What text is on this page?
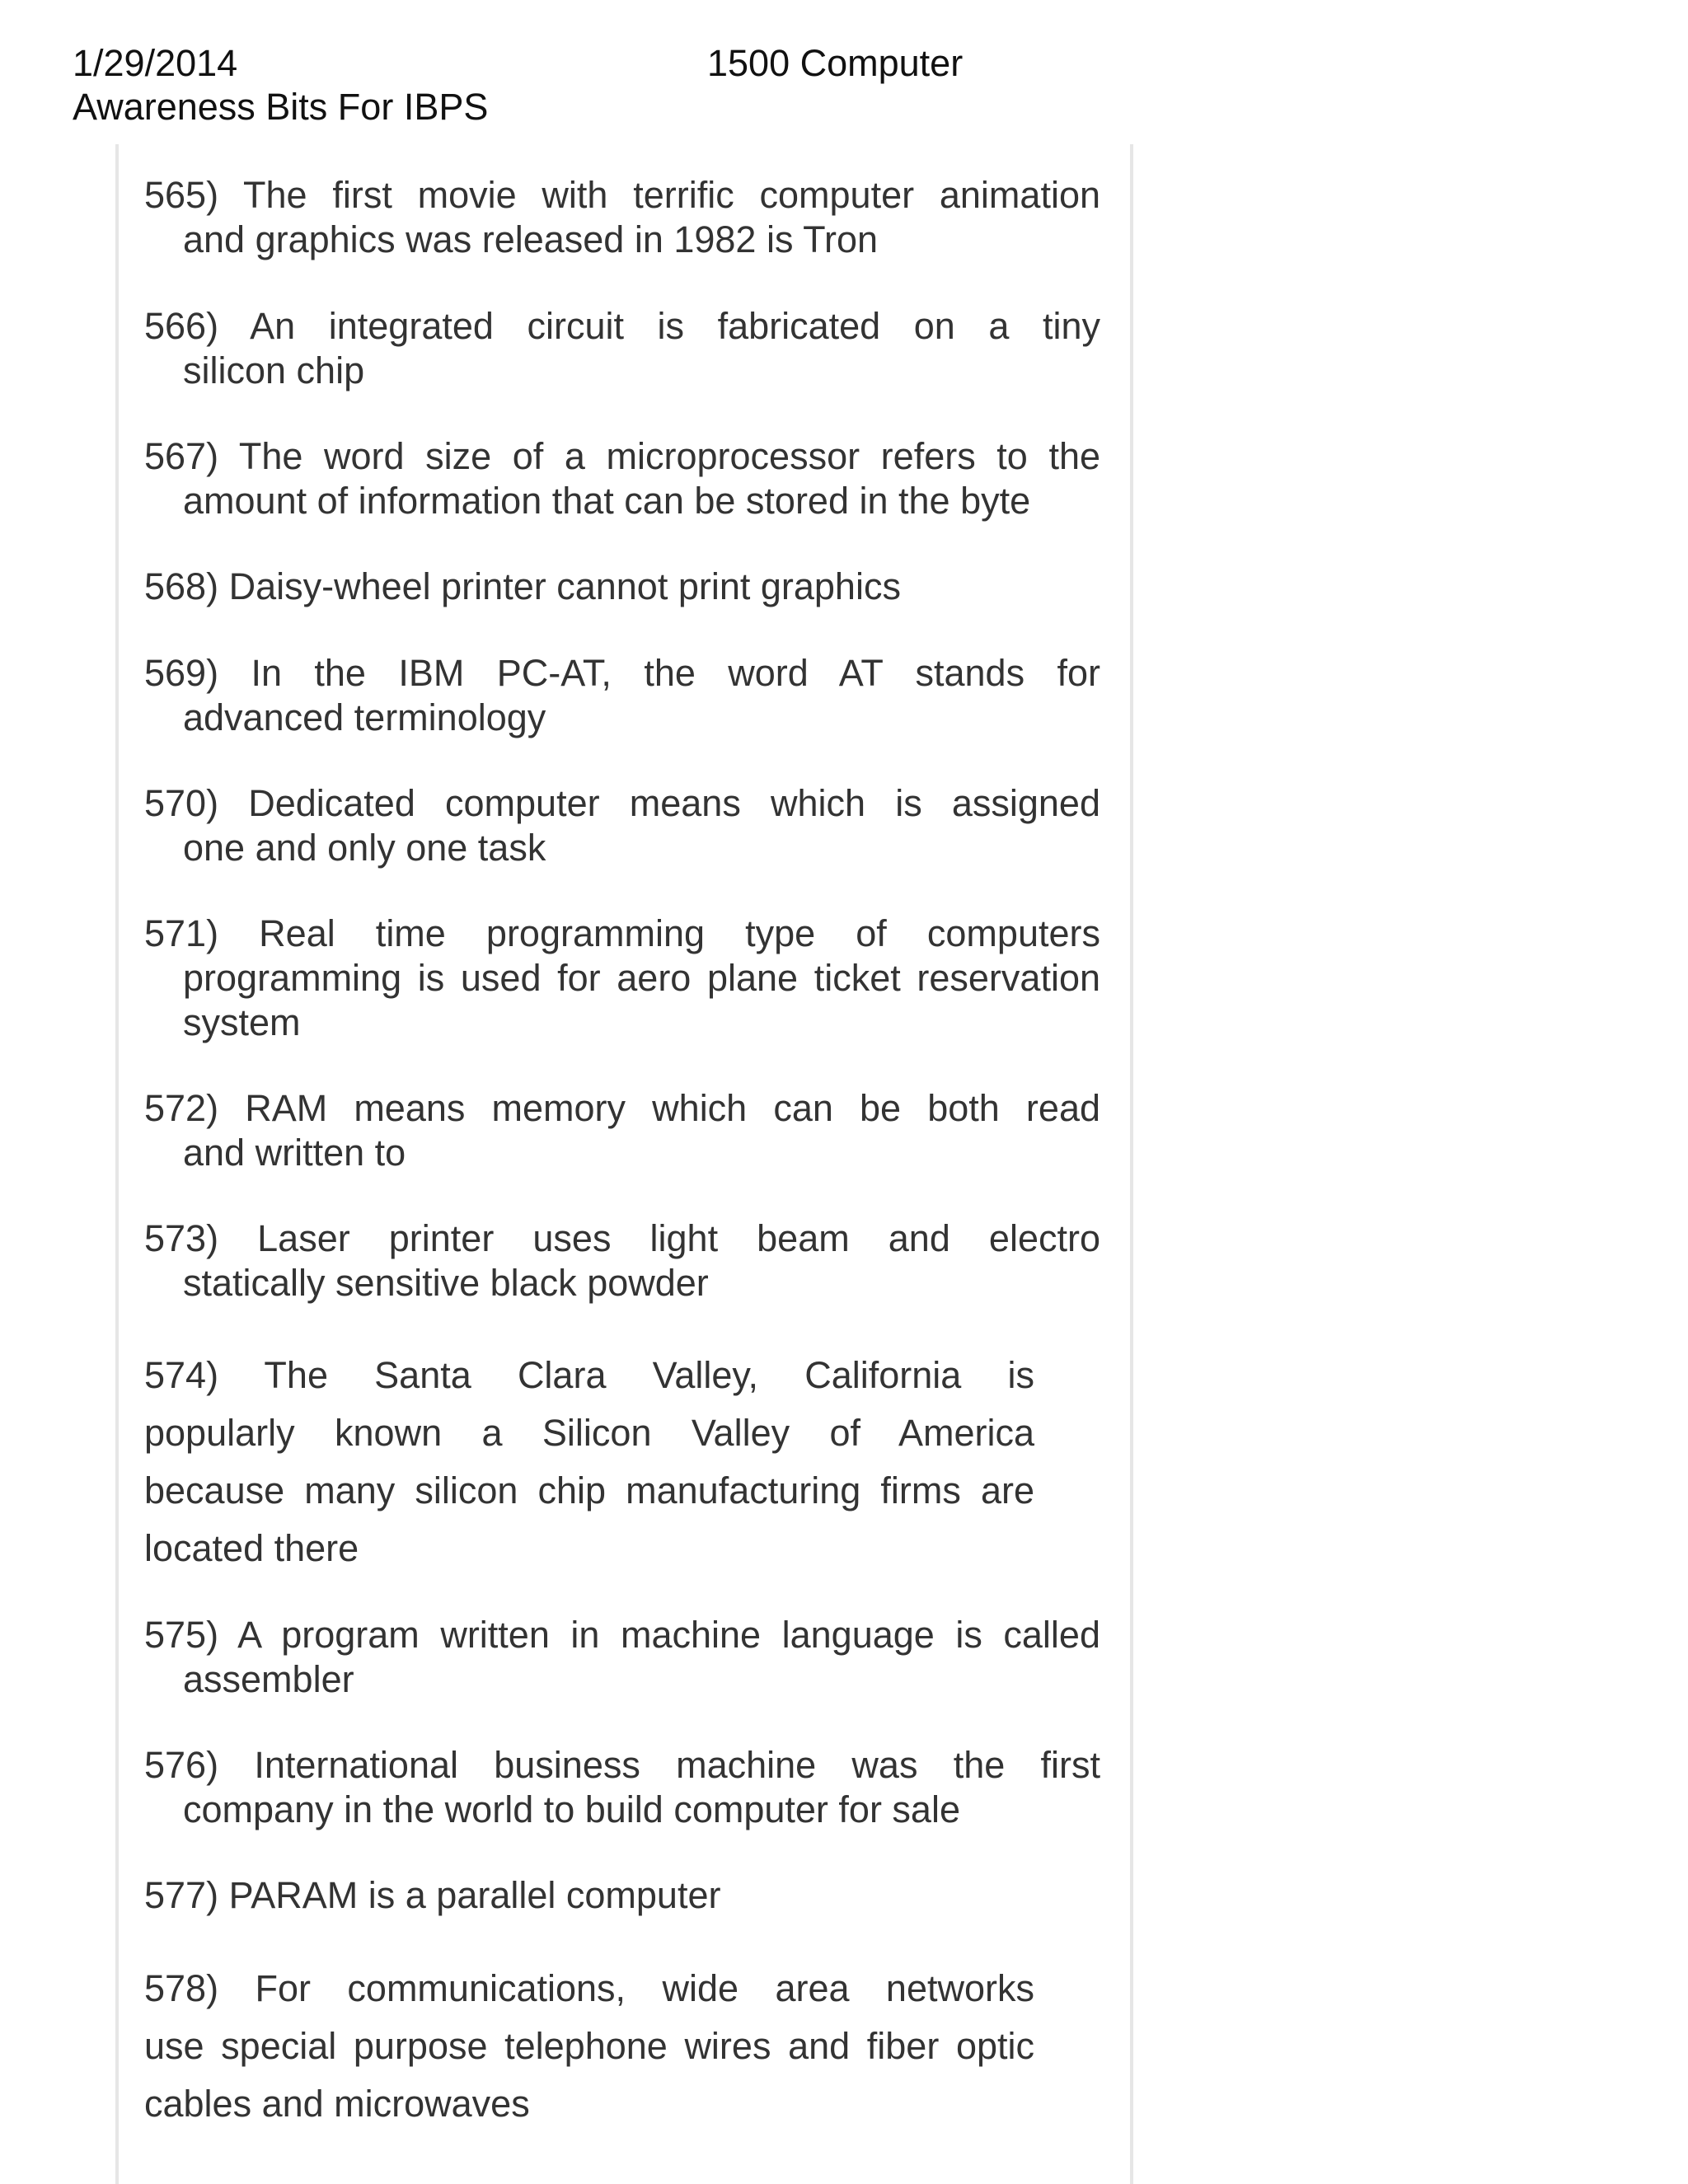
1/29/2014	1500 Computer
Awareness Bits For IBPS
565) The first movie with terrific computer animation
and graphics was released in 1982 is Tron
566) An integrated circuit is fabricated on a tiny
silicon chip
567) The word size of a microprocessor refers to the
amount of information that can be stored in the byte
568) Daisy-wheel printer cannot print graphics
569) In the IBM PC-AT, the word AT stands for
advanced terminology
570) Dedicated computer means which is assigned
one and only one task
571) Real time programming type of computers
programming is used for aero plane ticket reservation
system
572) RAM means memory which can be both read
and written to
573) Laser printer uses light beam and electro
statically sensitive black powder
574) The Santa Clara Valley, California is
popularly known a Silicon Valley of America
because many silicon chip manufacturing firms are
located there
575) A program written in machine language is called
assembler
576) International business machine was the first
company in the world to build computer for sale
577) PARAM is a parallel computer
578) For communications, wide area networks
use special purpose telephone wires and fiber optic
cables and microwaves
